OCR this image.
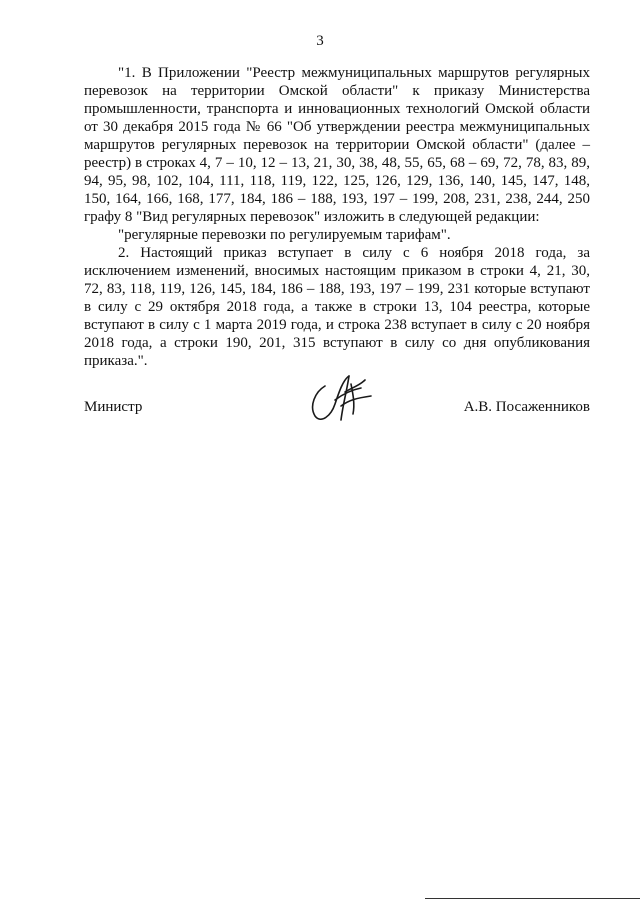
3

"1. В Приложении "Реестр межмуниципальных маршрутов регулярных перевозок на территории Омской области" к приказу Министерства промышленности, транспорта и инновационных технологий Омской области от 30 декабря 2015 года № 66 "Об утверждении реестра межмуниципальных маршрутов регулярных перевозок на территории Омской области" (далее – реестр) в строках 4, 7 – 10, 12 – 13, 21, 30, 38, 48, 55, 65, 68 – 69, 72, 78, 83, 89, 94, 95, 98, 102, 104, 111, 118, 119, 122, 125, 126, 129, 136, 140, 145, 147, 148, 150, 164, 166, 168, 177, 184, 186 – 188, 193, 197 – 199, 208, 231, 238, 244, 250 графу 8 "Вид регулярных перевозок" изложить в следующей редакции:

"регулярные перевозки по регулируемым тарифам".

2. Настоящий приказ вступает в силу с 6 ноября 2018 года, за исключением изменений, вносимых настоящим приказом в строки 4, 21, 30, 72, 83, 118, 119, 126, 145, 184, 186 – 188, 193, 197 – 199, 231 которые вступают в силу с 29 октября 2018 года, а также в строки 13, 104 реестра, которые вступают в силу с 1 марта 2019 года, и строка 238 вступает в силу с 20 ноября 2018 года, а строки 190, 201, 315 вступают в силу со дня опубликования приказа.".

Министр	А.В. Посаженников
